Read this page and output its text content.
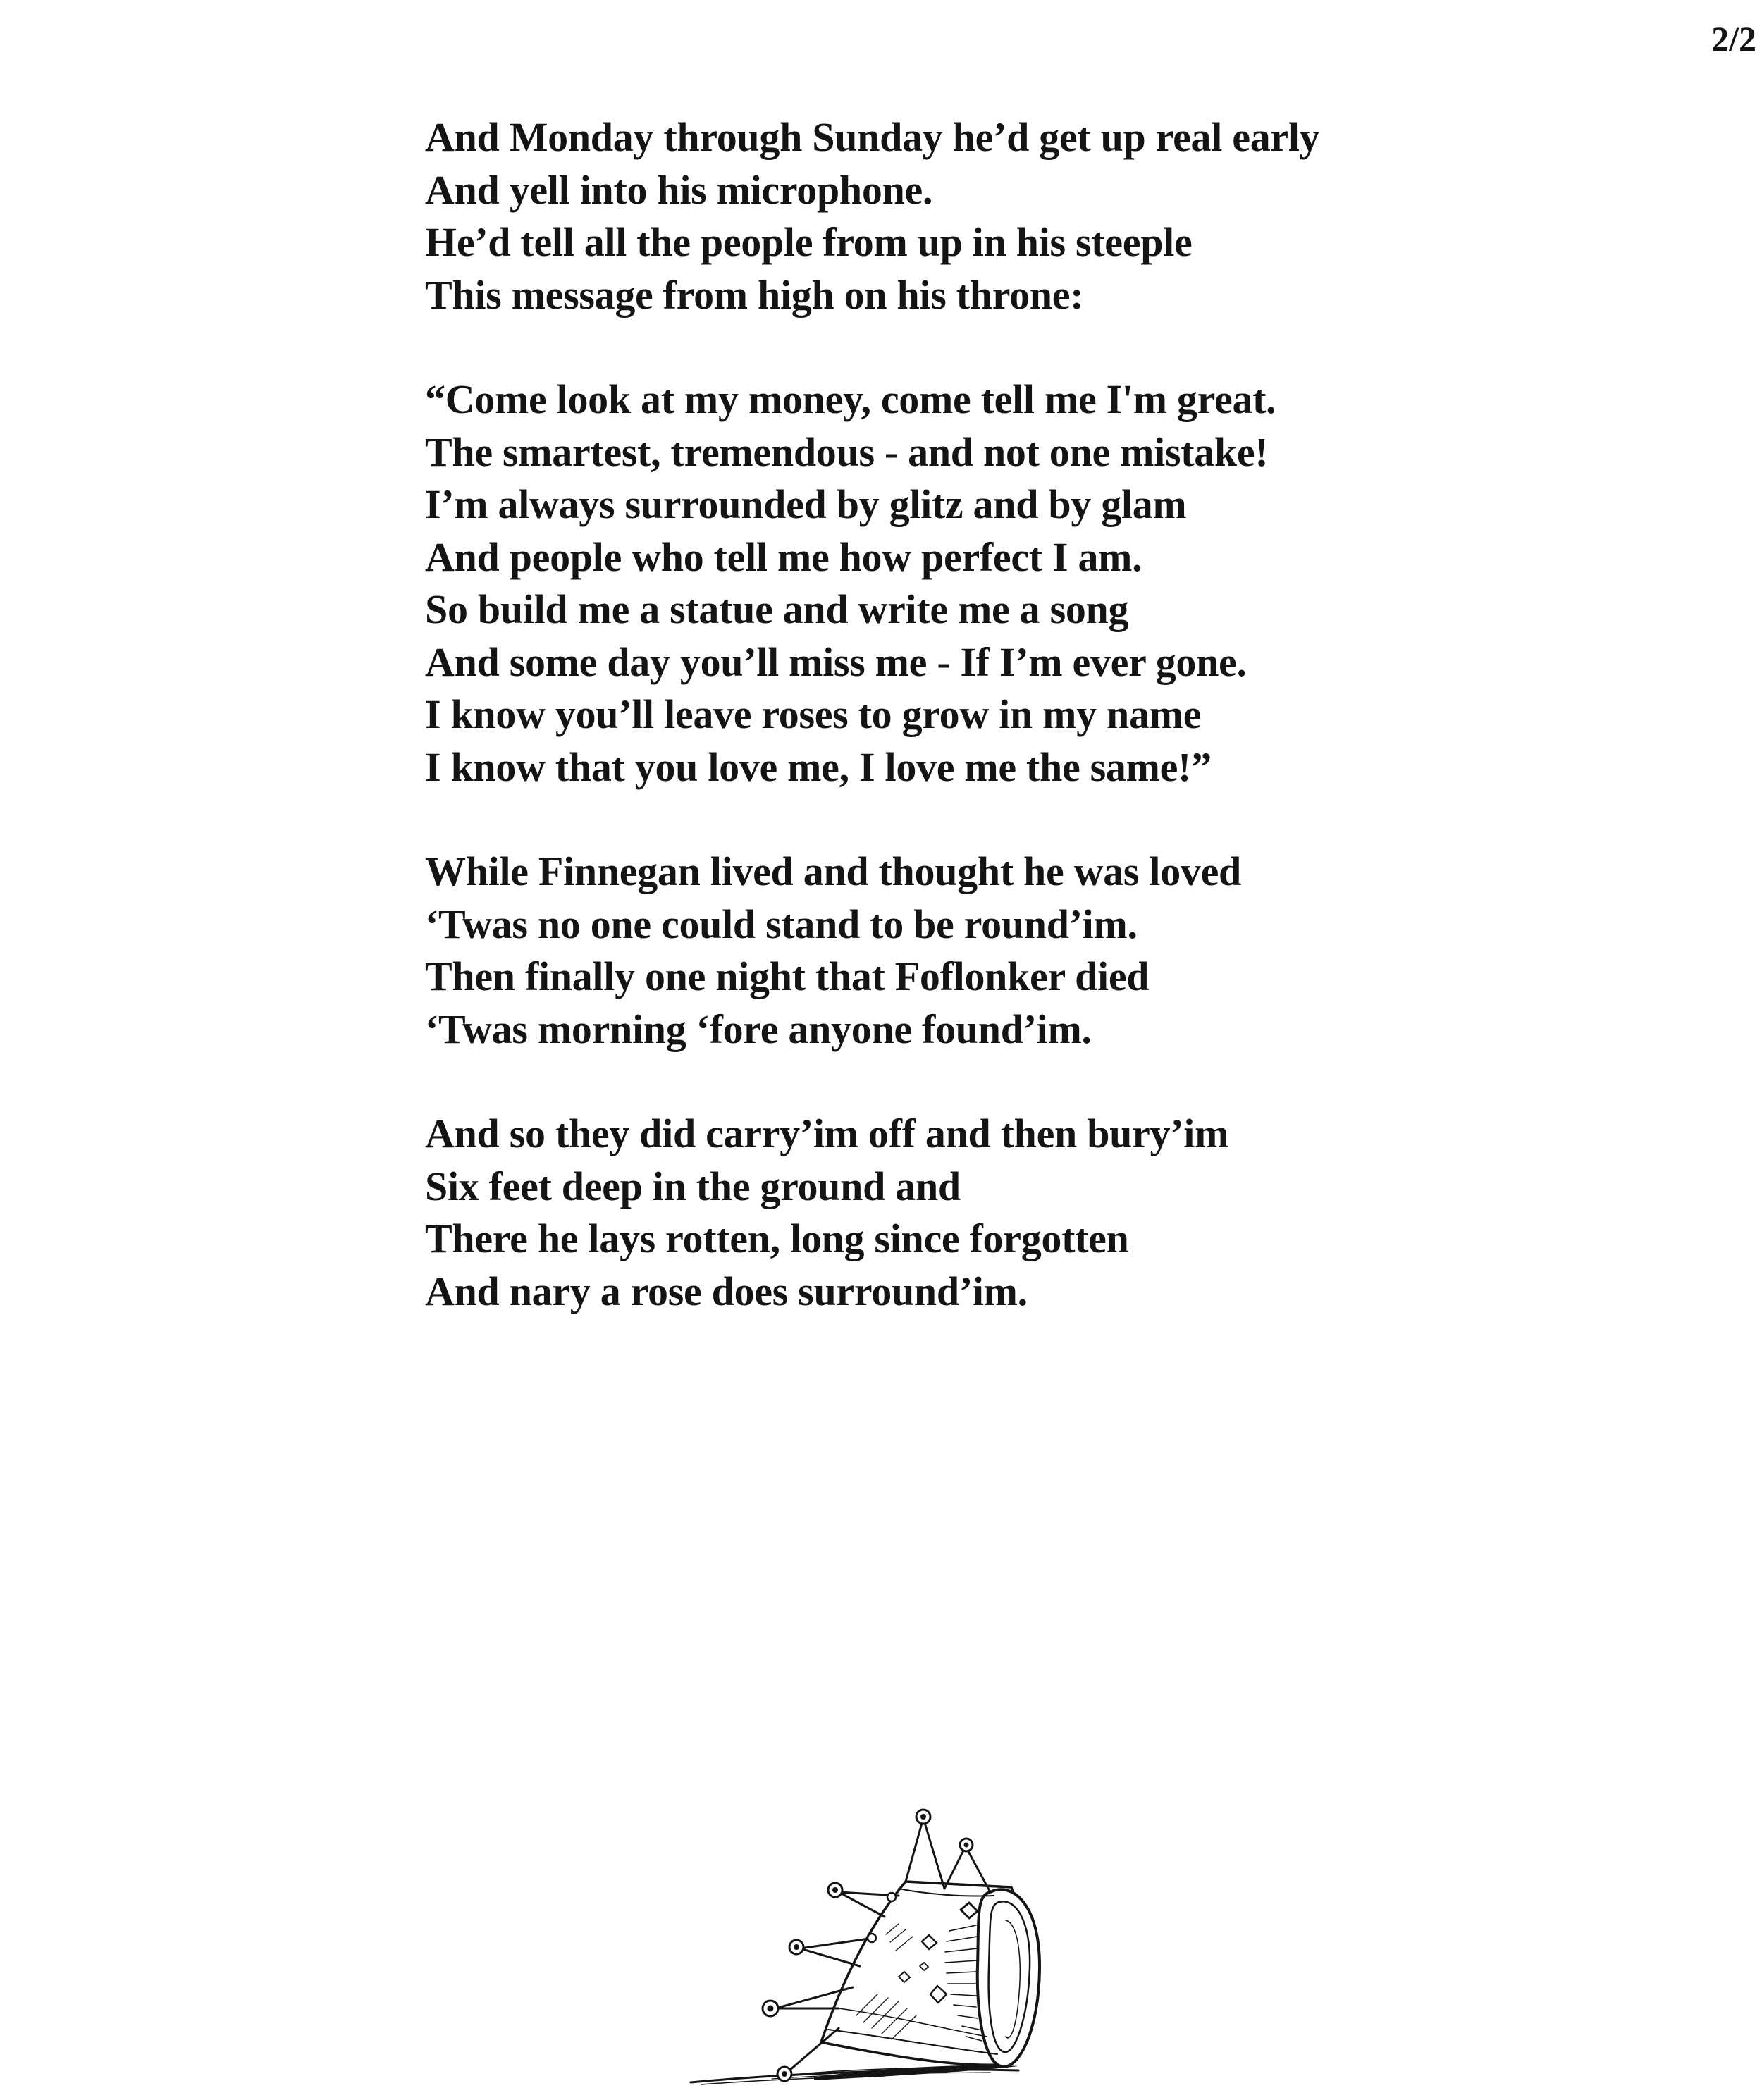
2/2
And Monday through Sunday he’d get up real early
And yell into his microphone.
He’d tell all the people from up in his steeple
This message from high on his throne:
“Come look at my money, come tell me I'm great.
The smartest, tremendous - and not one mistake!
I’m always surrounded by glitz and by glam
And people who tell me how perfect I am.
So build me a statue and write me a song
And some day you’ll miss me - If I’m ever gone.
I know you’ll leave roses to grow in my name
I know that you love me, I love me the same!”
While Finnegan lived and thought he was loved
‘Twas no one could stand to be round’im.
Then finally one night that Foflonker died
‘Twas morning ‘fore anyone found’im.
And so they did carry’im off and then bury’im
Six feet deep in the ground and
There he lays rotten, long since forgotten
And nary a rose does surround’im.
